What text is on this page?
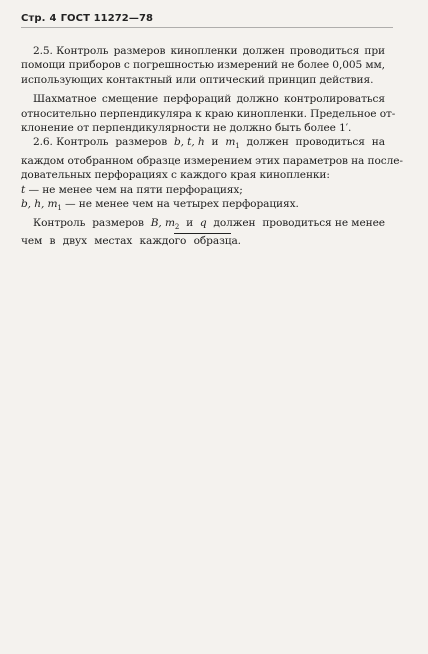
Стр. 4 ГОСТ 11272—78
2.5. Контроль размеров кинопленки должен проводиться при
помощи приборов с погрешностью измерений не более 0,005 мм,
использующих контактный или оптический принцип действия.
Шахматное смещение перфораций должно контролироваться
относительно перпендикуляра к краю кинопленки. Предельное от-
клонение от перпендикулярности не должно быть более 1′.
2.6. Контроль размеров b, t, h и $m_1$ должен проводиться на
каждом отобранном образце измерением этих параметров на после-
довательных перфорациях с каждого края кинопленки:
t — не менее чем на пяти перфорациях;
b, h, $m_1$ — не менее чем на четырех перфорациях.
Контроль размеров B, $m_2$ и q должен проводиться не менее
чем в двух местах каждого образца.
